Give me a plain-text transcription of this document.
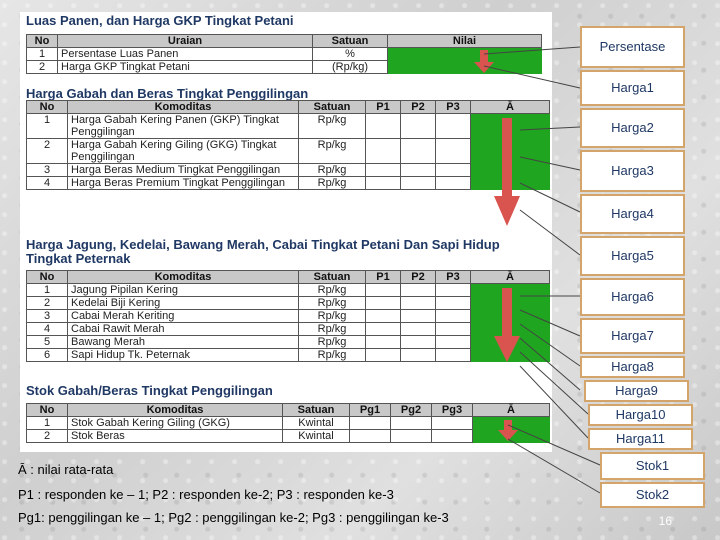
Luas Panen, dan Harga GKP Tingkat Petani
No	Uraian	Satuan	Nilai
1	Persentase Luas Panen	%	
2	Harga GKP Tingkat Petani	(Rp/kg)	
Harga Gabah dan Beras Tingkat Penggilingan
No	Komoditas	Satuan	P1	P2	P3	Ā
1	Harga Gabah Kering Panen (GKP) Tingkat Penggilingan	Rp/kg				
2	Harga Gabah Kering Giling (GKG) Tingkat Penggilingan	Rp/kg				
3	Harga Beras Medium Tingkat Penggilingan	Rp/kg				
4	Harga Beras Premium Tingkat Penggilingan	Rp/kg				
Harga Jagung, Kedelai, Bawang Merah, Cabai Tingkat Petani Dan Sapi Hidup Tingkat Peternak
No	Komoditas	Satuan	P1	P2	P3	Ā
1	Jagung Pipilan Kering	Rp/kg				
2	Kedelai Biji Kering	Rp/kg				
3	Cabai Merah Keriting	Rp/kg				
4	Cabai Rawit Merah	Rp/kg				
5	Bawang Merah	Rp/kg				
6	Sapi Hidup Tk. Peternak	Rp/kg				
Stok Gabah/Beras Tingkat Penggilingan
No	Komoditas	Satuan	Pg1	Pg2	Pg3	Ā
1	Stok Gabah Kering Giling (GKG)	Kwintal				
2	Stok Beras	Kwintal				
Persentase
Harga1
Harga2
Harga3
Harga4
Harga5
Harga6
Harga7
Harga8
Harga9
Harga10
Harga11
Stok1
Stok2
Ā : nilai rata-rata
P1 : responden ke – 1; P2 : responden ke-2; P3 : responden ke-3
Pg1: penggilingan ke – 1; Pg2 : penggilingan ke-2; Pg3 : penggilingan ke-3	16
